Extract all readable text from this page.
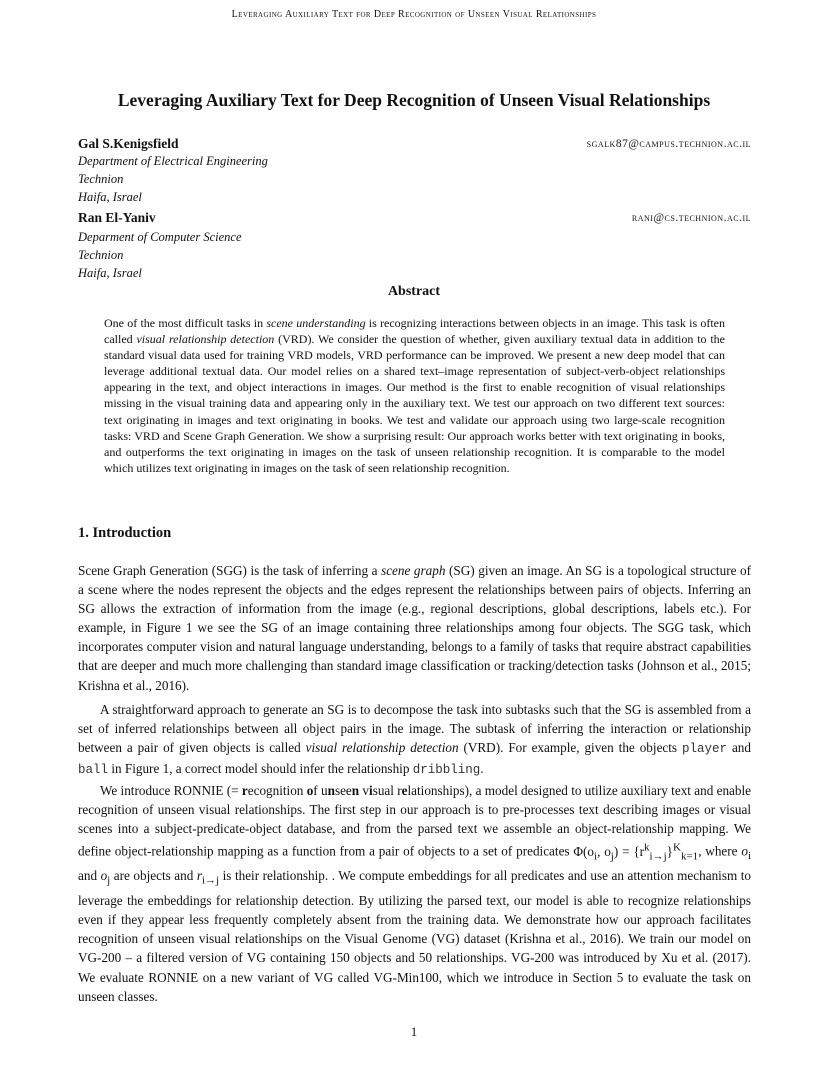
Leveraging Auxiliary Text for Deep Recognition of Unseen Visual Relationships
Leveraging Auxiliary Text for Deep Recognition of Unseen Visual Relationships
Gal S.Kenigsfield	sgalk87@campus.technion.ac.il
Department of Electrical Engineering
Technion
Haifa, Israel
Ran El-Yaniv	rani@cs.technion.ac.il
Deparment of Computer Science
Technion
Haifa, Israel
Abstract
One of the most difficult tasks in scene understanding is recognizing interactions between objects in an image. This task is often called visual relationship detection (VRD). We consider the question of whether, given auxiliary textual data in addition to the standard visual data used for training VRD models, VRD performance can be improved. We present a new deep model that can leverage additional textual data. Our model relies on a shared text–image representation of subject-verb-object relationships appearing in the text, and object interactions in images. Our method is the first to enable recognition of visual relationships missing in the visual training data and appearing only in the auxiliary text. We test our approach on two different text sources: text originating in images and text originating in books. We test and validate our approach using two large-scale recognition tasks: VRD and Scene Graph Generation. We show a surprising result: Our approach works better with text originating in books, and outperforms the text originating in images on the task of unseen relationship recognition. It is comparable to the model which utilizes text originating in images on the task of seen relationship recognition.
1. Introduction
Scene Graph Generation (SGG) is the task of inferring a scene graph (SG) given an image. An SG is a topological structure of a scene where the nodes represent the objects and the edges represent the relationships between pairs of objects. Inferring an SG allows the extraction of information from the image (e.g., regional descriptions, global descriptions, labels etc.). For example, in Figure 1 we see the SG of an image containing three relationships among four objects. The SGG task, which incorporates computer vision and natural language understanding, belongs to a family of tasks that require abstract capabilities that are deeper and much more challenging than standard image classification or tracking/detection tasks (Johnson et al., 2015; Krishna et al., 2016).
A straightforward approach to generate an SG is to decompose the task into subtasks such that the SG is assembled from a set of inferred relationships between all object pairs in the image. The subtask of inferring the interaction or relationship between a pair of given objects is called visual relationship detection (VRD). For example, given the objects player and ball in Figure 1, a correct model should infer the relationship dribbling.
We introduce RONNIE (= recognition of unseen visual relationships), a model designed to utilize auxiliary text and enable recognition of unseen visual relationships. The first step in our approach is to pre-processes text describing images or visual scenes into a subject-predicate-object database, and from the parsed text we assemble an object-relationship mapping. We define object-relationship mapping as a function from a pair of objects to a set of predicates $\Phi(o_i$, $o_j) = \{r^k_{i\to j}\}^K_{k=1}$, where $o_i$ and $o_j$ are objects and $r_{i\to j}$ is their relationship. . We compute embeddings for all predicates and use an attention mechanism to leverage the embeddings for relationship detection. By utilizing the parsed text, our model is able to recognize relationships even if they appear less frequently completely absent from the training data. We demonstrate how our approach facilitates recognition of unseen visual relationships on the Visual Genome (VG) dataset (Krishna et al., 2016). We train our model on VG-200 – a filtered version of VG containing 150 objects and 50 relationships. VG-200 was introduced by Xu et al. (2017). We evaluate RONNIE on a new variant of VG called VG-Min100, which we introduce in Section 5 to evaluate the task on unseen classes.
1
